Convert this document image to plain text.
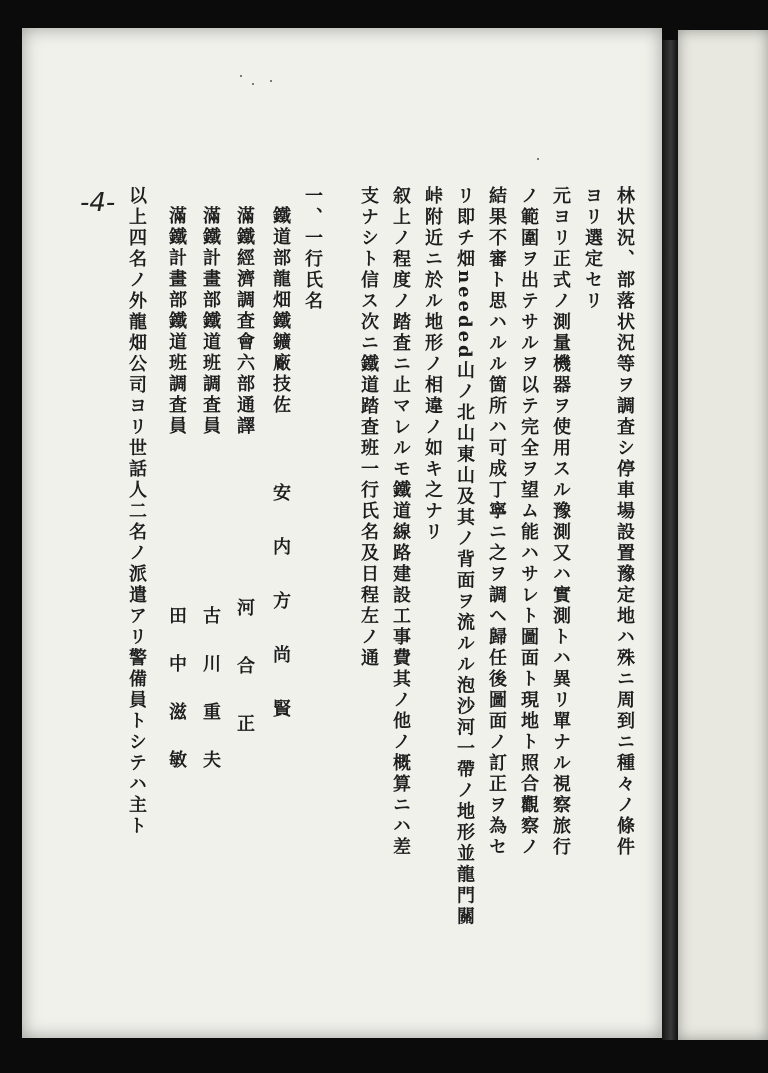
-4-	林状況、部落状況等ヲ調査シ停車場設置豫定地ハ殊ニ周到ニ種々ノ條件
ヨリ選定セリ
元ヨリ正式ノ測量機器ヲ使用スル豫測又ハ實測トハ異リ單ナル視察旅行
ノ範圍ヲ出テサルヲ以テ完全ヲ望ム能ハサレト圖面ト現地ト照合觀察ノ
結果不審ト思ハルル箇所ハ可成丁寧ニ之ヲ調ヘ歸任後圖面ノ訂正ヲ為セ
リ即チ畑needed山ノ北山東山及其ノ背面ヲ流ルル泡沙河一帶ノ地形並龍門關
峠附近ニ於ル地形ノ相違ノ如キ之ナリ
叙上ノ程度ノ踏査ニ止マレルモ鐵道線路建設工事費其ノ他ノ概算ニハ差
支ナシト信ス次ニ鐵道踏査班一行氏名及日程左ノ通
一、一行氏名
鐵道部龍畑鐵鑛廠技佐
安内方尚賢
滿鐵經濟調査會六部通譯
河合正
滿鐵計畫部鐵道班調査員
古川重夫
滿鐵計畫部鐵道班調査員
田中滋敏
以上四名ノ外龍畑公司ヨリ世話人二名ノ派遣アリ警備員トシテハ主ト
